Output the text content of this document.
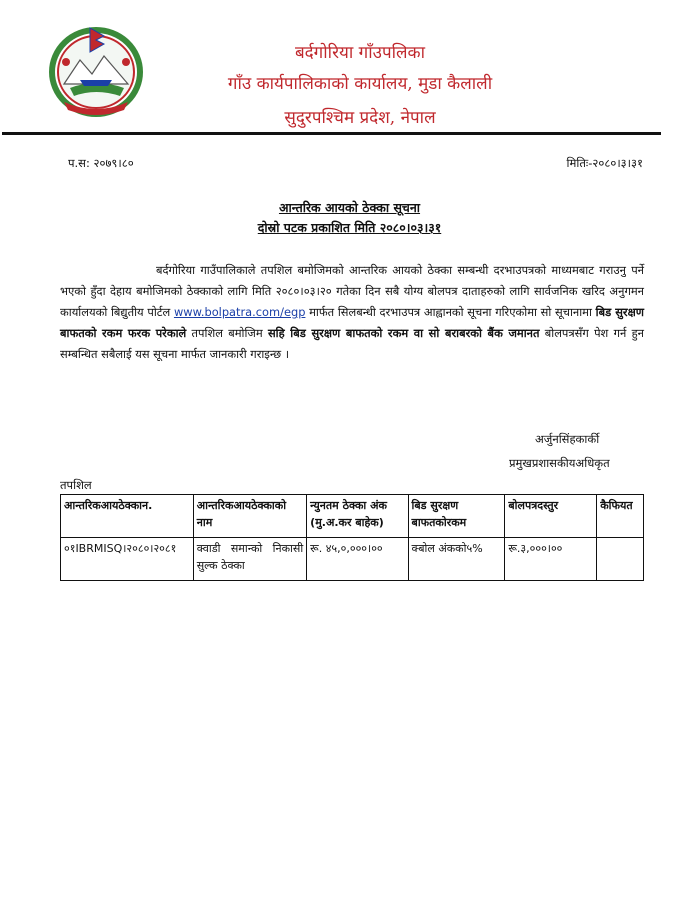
बर्दगोरिया गाँउपलिका
गाँउ कार्यपालिकाको कार्यालय, मुडा कैलाली
सुदुरपश्चिम प्रदेश, नेपाल
प.स: २०७९।८०	मितिः-२०८०।३।३१
आन्तरिक आयको ठेक्का सूचना
दोस्रो पटक प्रकाशित मिति २०८०।०३।३१
बर्दगोरिया गाउँपालिकाले तपशिल बमोजिमको आन्तरिक आयको ठेक्का सम्बन्धी दरभाउपत्रको माध्यमबाट गराउनु पर्ने भएको हुँदा देहाय बमोजिमको ठेक्काको लागि मिति २०८०।०३।२० गतेका दिन सबै योग्य बोलपत्र दाताहरुको लागि सार्वजनिक खरिद अनुगमन कार्यालयको बिद्युतीय पोर्टल www.bolpatra.com/egp मार्फत सिलबन्धी दरभाउपत्र आह्वानको सूचना गरिएकोमा सो सूचानामा बिड सुरक्षण बाफतको रकम फरक परेकाले तपशिल बमोजिम सहि बिड सुरक्षण बाफतको रकम वा सो बराबरको बैंक जमानत बोलपत्रसँग पेश गर्न हुन सम्बन्धित सबैलाई यस सूचना मार्फत जानकारी गराइन्छ ।
अर्जुनसिंहकार्की
प्रमुखप्रशासकीयअधिकृत
तपशिल
आन्तरिकआयठेक्कान.	आन्तरिकआयठेक्काको नाम	न्युनतम ठेक्का अंक (मु.अ.कर बाहेक)	बिड सुरक्षण बाफतकोरकम	बोलपत्रदस्तुर	कैफियत
०१IBRMISQ।२०८०।२०८१	क्वाडी समान्को निकासी सुल्क ठेक्का	रू. ४५,०,०००।००	क्बोल अंकको५%	रू.३,०००।००	
